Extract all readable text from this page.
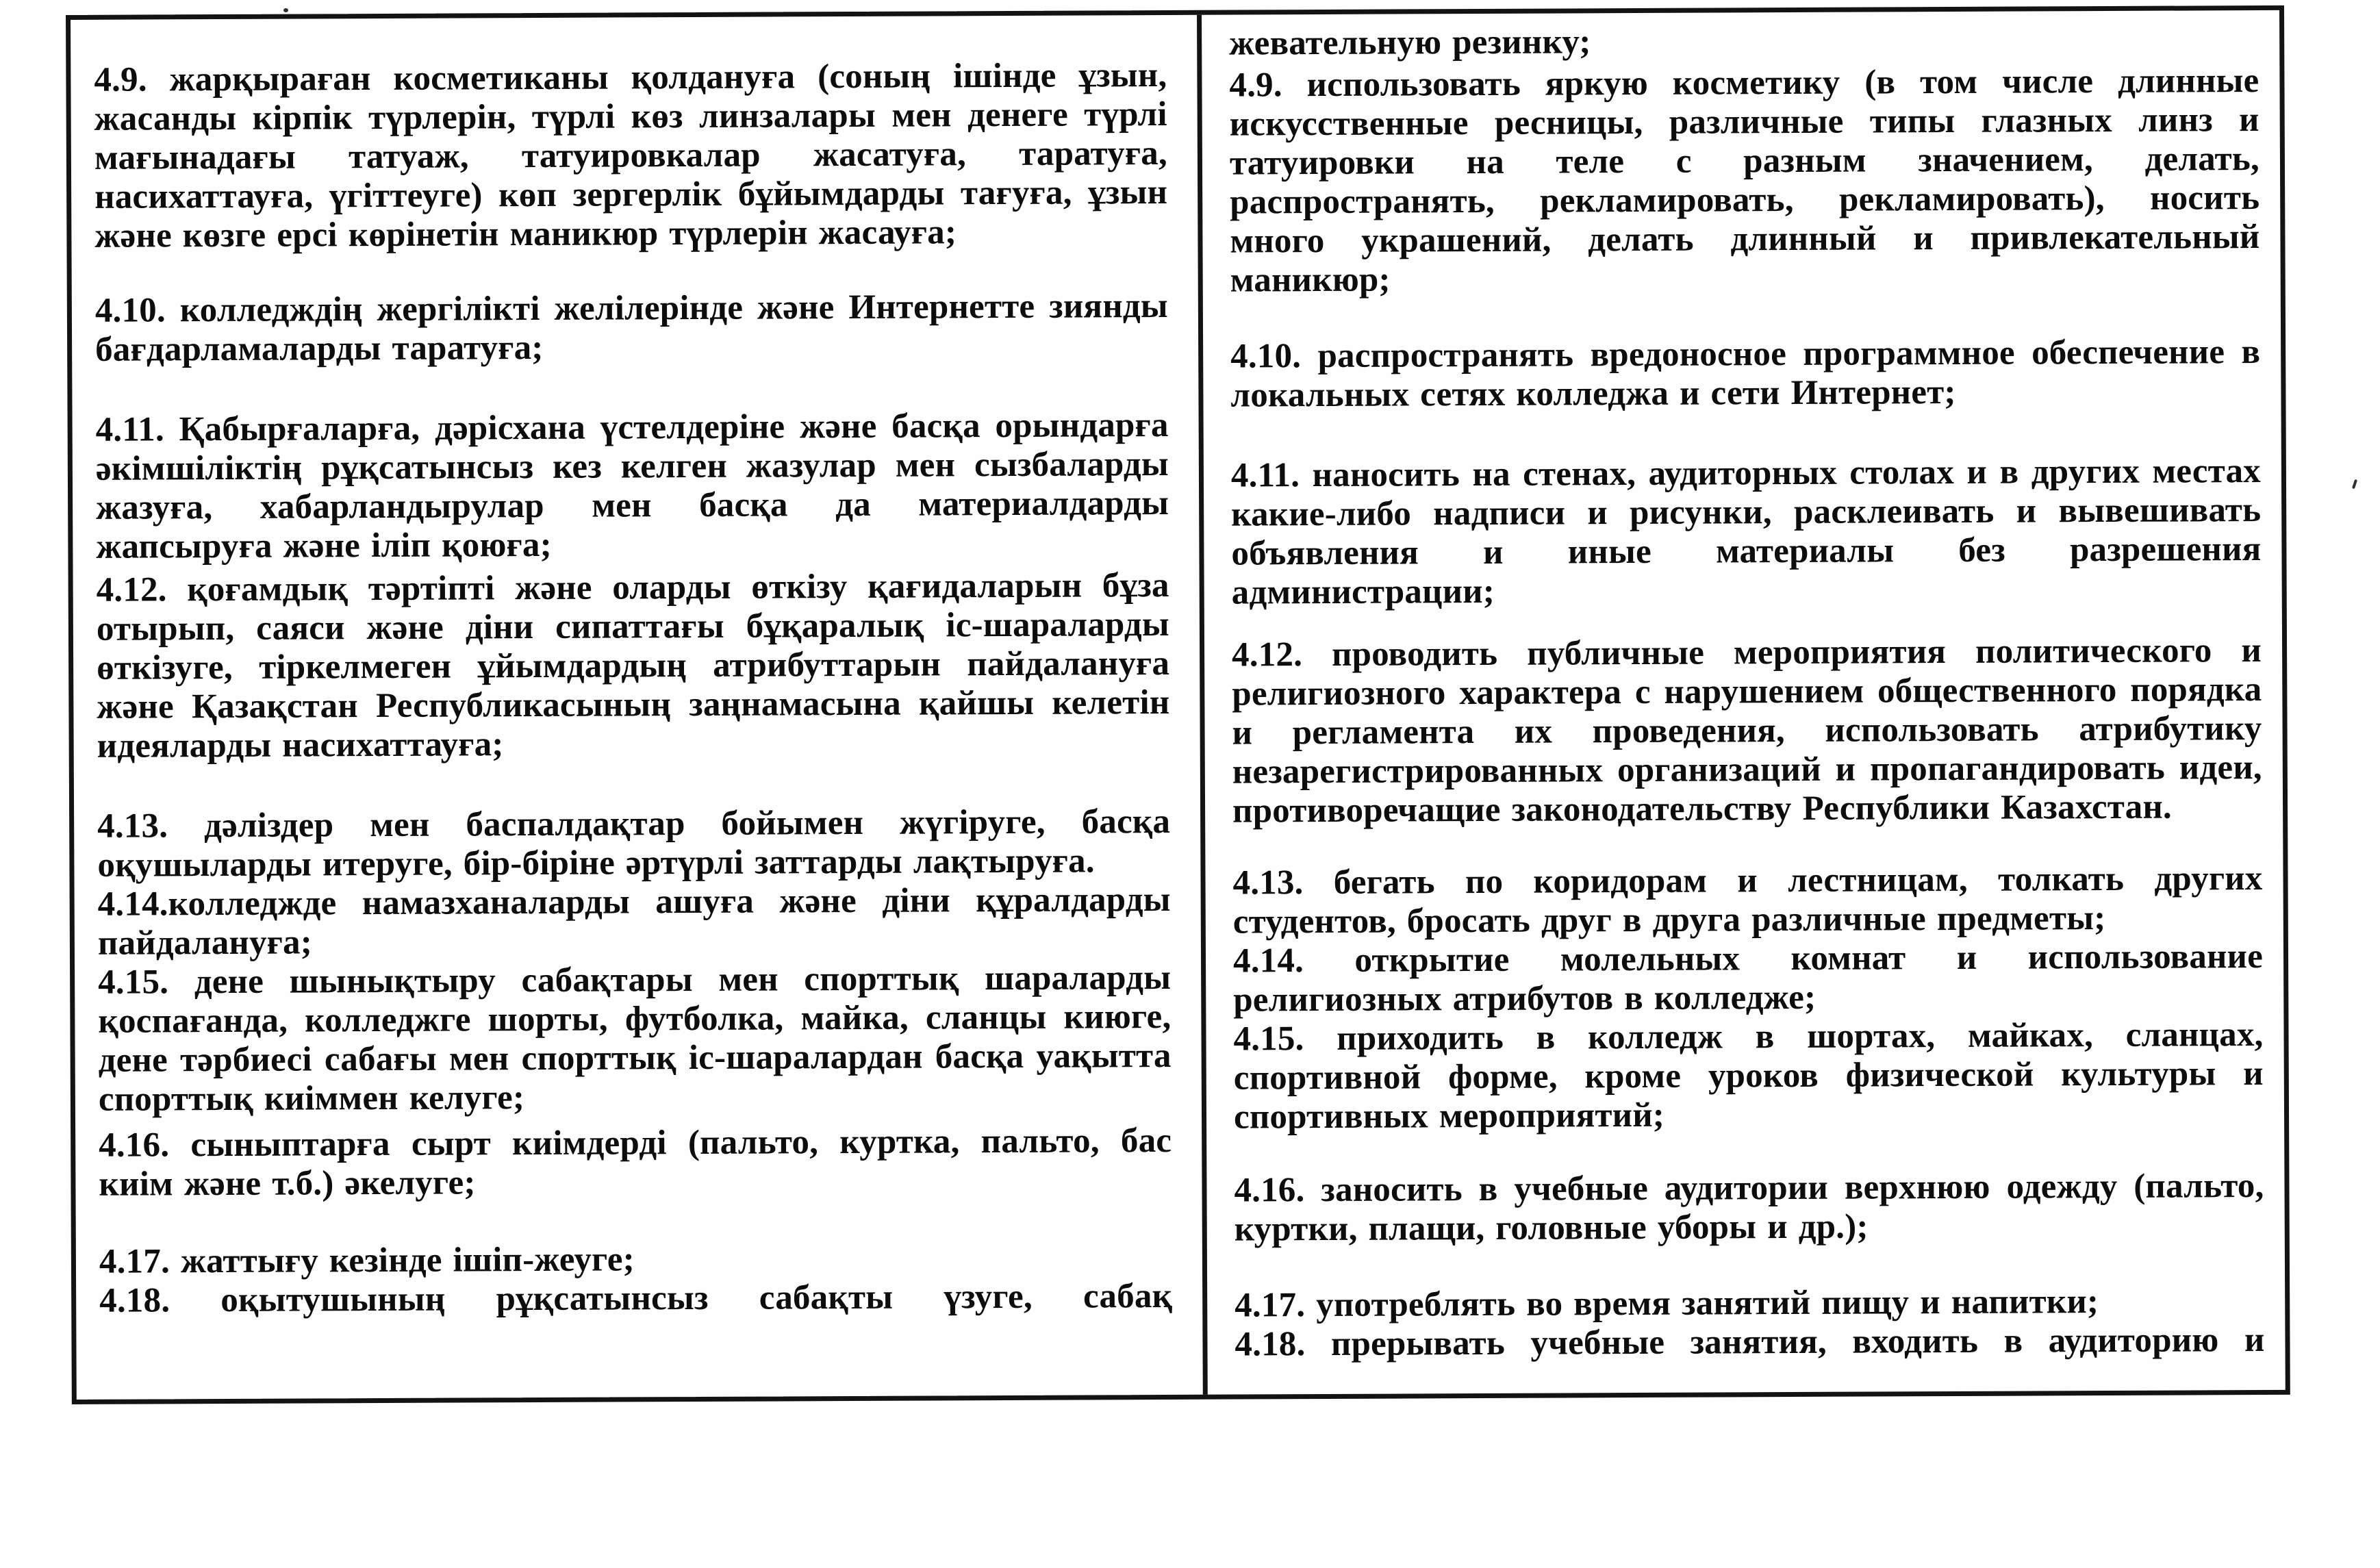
4.9. жарқыраған косметиканы қолдануға (соның ішінде ұзын, жасанды кірпік түрлерін, түрлі көз линзалары мен денеге түрлі мағынадағы татуаж, татуировкалар жасатуға, таратуға, насихаттауға, үгіттеуге) көп зергерлік бұйымдарды тағуға, ұзын және көзге ерсі көрінетін маникюр түрлерін жасауға;

4.10. колледждің жергілікті желілерінде және Интернетте зиянды бағдарламаларды таратуға;

4.11. Қабырғаларға, дәрісхана үстелдеріне және басқа орындарға әкімшіліктің рұқсатынсыз кез келген жазулар мен сызбаларды жазуға, хабарландырулар мен басқа да материалдарды жапсыруға және іліп қоюға;

4.12. қоғамдық тәртіпті және оларды өткізу қағидаларын бұза отырып, саяси және діни сипаттағы бұқаралық іс-шараларды өткізуге, тіркелмеген ұйымдардың атрибуттарын пайдалануға және Қазақстан Республикасының заңнамасына қайшы келетін идеяларды насихаттауға;

4.13. дәліздер мен баспалдақтар бойымен жүгіруге, басқа оқушыларды итеруге, бір-біріне әртүрлі заттарды лақтыруға.

4.14.колледжде намазханаларды ашуға және діни құралдарды пайдалануға;

4.15. дене шынықтыру сабақтары мен спорттық шараларды қоспағанда, колледжге шорты, футболка, майка, сланцы киюге, дене тәрбиесі сабағы мен спорттық іс-шаралардан басқа уақытта спорттық киіммен келуге;

4.16. сыныптарға сырт киімдерді (пальто, куртка, пальто, бас киім және т.б.) әкелуге;

4.17. жаттығу кезінде ішіп-жеуге;

4.18. оқытушының рұқсатынсыз сабақты үзуге, сабақ

жевательную резинку;

4.9. использовать яркую косметику (в том числе длинные искусственные ресницы, различные типы глазных линз и татуировки на теле с разным значением, делать, распространять, рекламировать, рекламировать), носить много украшений, делать длинный и привлекательный маникюр;

4.10. распространять вредоносное программное обеспечение в локальных сетях колледжа и сети Интернет;

4.11. наносить на стенах, аудиторных столах и в других местах какие-либо надписи и рисунки, расклеивать и вывешивать объявления и иные материалы без разрешения администрации;

4.12. проводить публичные мероприятия политического и религиозного характера с нарушением общественного порядка и регламента их проведения, использовать атрибутику незарегистрированных организаций и пропагандировать идеи, противоречащие законодательству Республики Казахстан.

4.13. бегать по коридорам и лестницам, толкать других студентов, бросать друг в друга различные предметы;

4.14. открытие молельных комнат и использование религиозных атрибутов в колледже;

4.15. приходить в колледж в шортах, майках, сланцах, спортивной форме, кроме уроков физической культуры и спортивных мероприятий;

4.16. заносить в учебные аудитории верхнюю одежду (пальто, куртки, плащи, головные уборы и др.);

4.17. употреблять во время занятий пищу и напитки;

4.18. прерывать учебные занятия, входить в аудиторию и
